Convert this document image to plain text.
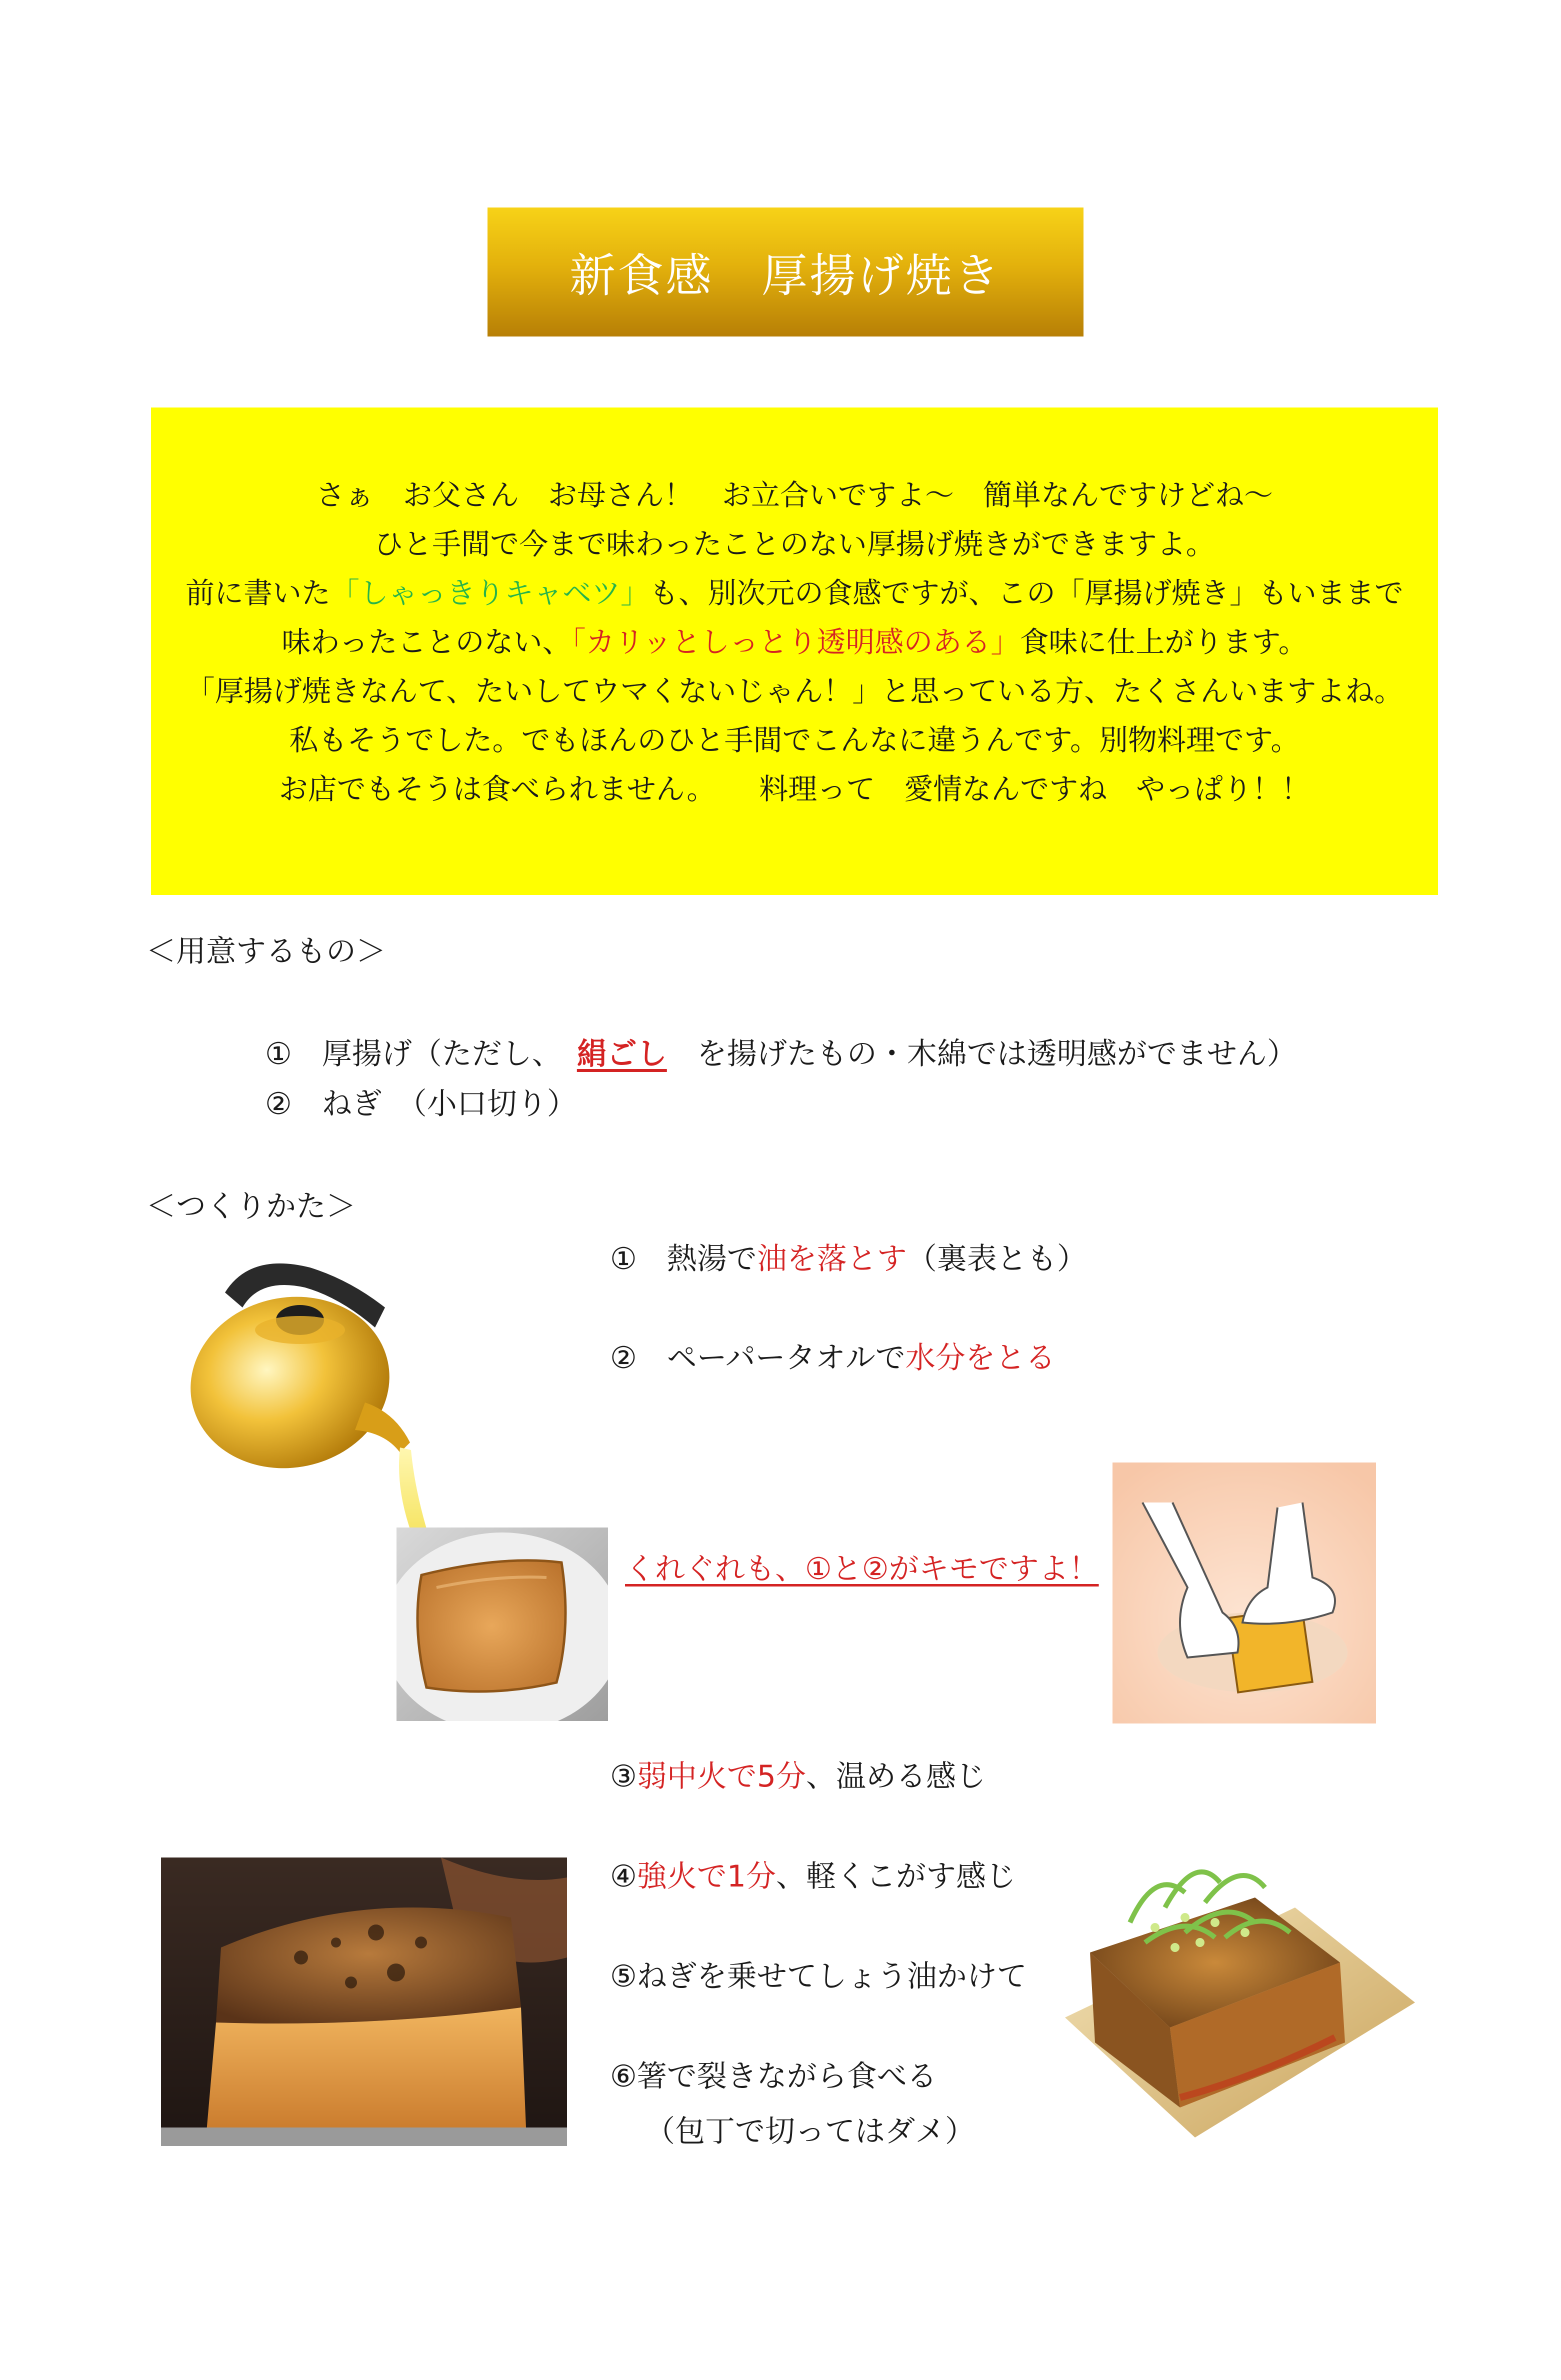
新食感　厚揚げ焼き
さぁ　お父さん　お母さん！　お立合いですよ～　簡単なんですけどね～
ひと手間で今まで味わったことのない厚揚げ焼きができますよ。
前に書いた「しゃっきりキャベツ」も、別次元の食感ですが、この「厚揚げ焼き」もいままで
味わったことのない、「カリッとしっとり透明感のある」食味に仕上がります。
「厚揚げ焼きなんて、たいしてウマくないじゃん！」と思っている方、たくさんいますよね。
私もそうでした。でもほんのひと手間でこんなに違うんです。別物料理です。
お店でもそうは食べられません。　　料理って　愛情なんですね　やっぱり！！
＜用意するもの＞
①　厚揚げ（ただし、　 絹ごし　 を揚げたもの・木綿では透明感がでません）
②　ねぎ　（小口切り）
＜つくりかた＞
①　熱湯で油を落とす（裏表とも）
②　ペーパータオルで水分をとる
くれぐれも、①と②がキモですよ！
③弱中火で5分、温める感じ
④強火で1分、軽くこがす感じ
⑤ねぎを乗せてしょう油かけて
⑥箸で裂きながら食べる
（包丁で切ってはダメ）
